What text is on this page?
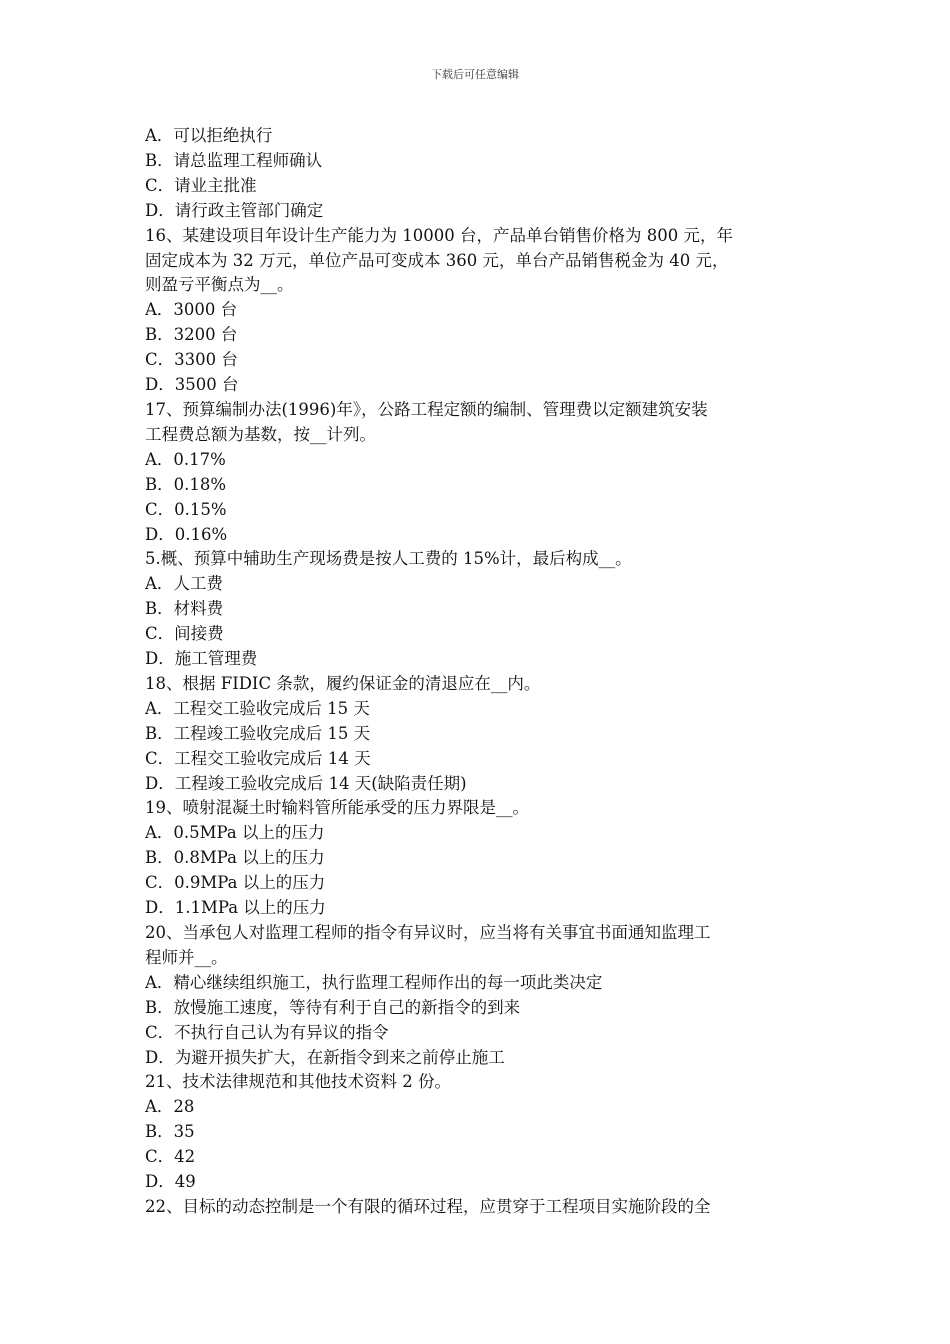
下载后可任意编辑
A．可以拒绝执行
B．请总监理工程师确认
C．请业主批准
D．请行政主管部门确定
16、某建设项目年设计生产能力为 10000 台，产品单台销售价格为 800 元，年
固定成本为 32 万元，单位产品可变成本 360 元，单台产品销售税金为 40 元，
则盈亏平衡点为__。
A．3000 台
B．3200 台
C．3300 台
D．3500 台
17、预算编制办法(1996)年》，公路工程定额的编制、管理费以定额建筑安装
工程费总额为基数，按__计列。
A．0.17%
B．0.18%
C．0.15%
D．0.16%
5.概、预算中辅助生产现场费是按人工费的 15%计，最后构成__。
A．人工费
B．材料费
C．间接费
D．施工管理费
18、根据 FIDIC 条款，履约保证金的清退应在__内。
A．工程交工验收完成后 15 天
B．工程竣工验收完成后 15 天
C．工程交工验收完成后 14 天
D．工程竣工验收完成后 14 天(缺陷责任期)
19、喷射混凝土时输料管所能承受的压力界限是__。
A．0.5MPa 以上的压力
B．0.8MPa 以上的压力
C．0.9MPa 以上的压力
D．1.1MPa 以上的压力
20、当承包人对监理工程师的指令有异议时，应当将有关事宜书面通知监理工
程师并__。
A．精心继续组织施工，执行监理工程师作出的每一项此类决定
B．放慢施工速度，等待有利于自己的新指令的到来
C．不执行自己认为有异议的指令
D．为避开损失扩大，在新指令到来之前停止施工
21、技术法律规范和其他技术资料 2 份。
A．28
B．35
C．42
D．49
22、目标的动态控制是一个有限的循环过程，应贯穿于工程项目实施阶段的全
